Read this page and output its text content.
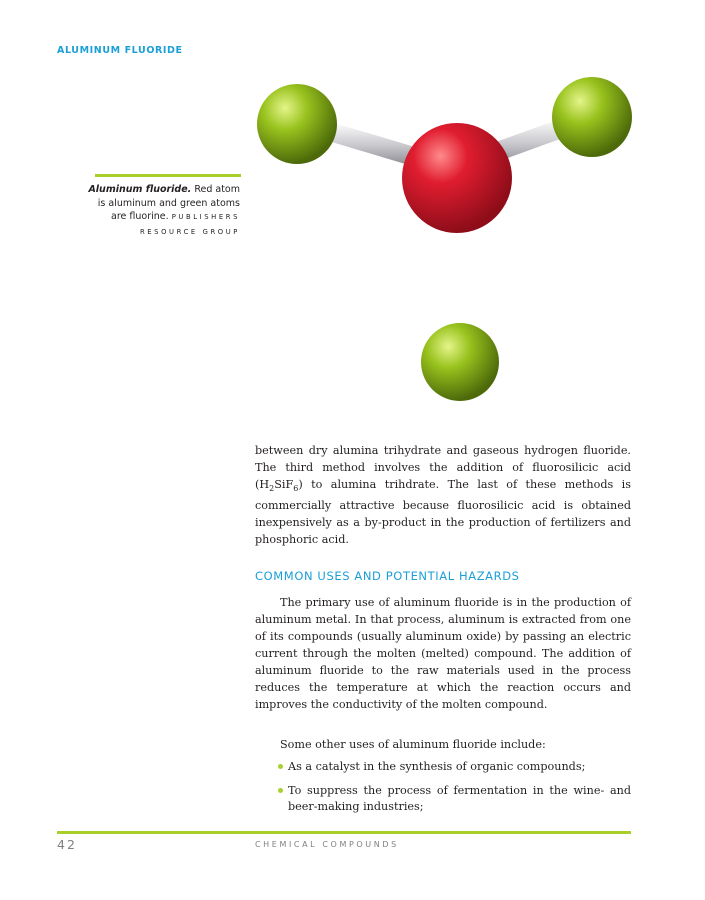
ALUMINUM FLUORIDE
Aluminum fluoride. Red atom is aluminum and green atoms are fluorine. PUBLISHERS RESOURCE GROUP

between dry alumina trihydrate and gaseous hydrogen fluoride. The third method involves the addition of fluorosilicic acid $(H_2SiF_6)$ to alumina trihdrate. The last of these methods is commercially attractive because fluorosilicic acid is obtained inexpensively as a by-product in the production of fertilizers and phosphoric acid.

COMMON USES AND POTENTIAL HAZARDS

The primary use of aluminum fluoride is in the production of aluminum metal. In that process, aluminum is extracted from one of its compounds (usually aluminum oxide) by passing an electric current through the molten (melted) compound. The addition of aluminum fluoride to the raw materials used in the process reduces the temperature at which the reaction occurs and improves the conductivity of the molten compound.

Some other uses of aluminum fluoride include:

As a catalyst in the synthesis of organic compounds;
To suppress the process of fermentation in the wine- and beer-making industries;
42	CHEMICAL COMPOUNDS
